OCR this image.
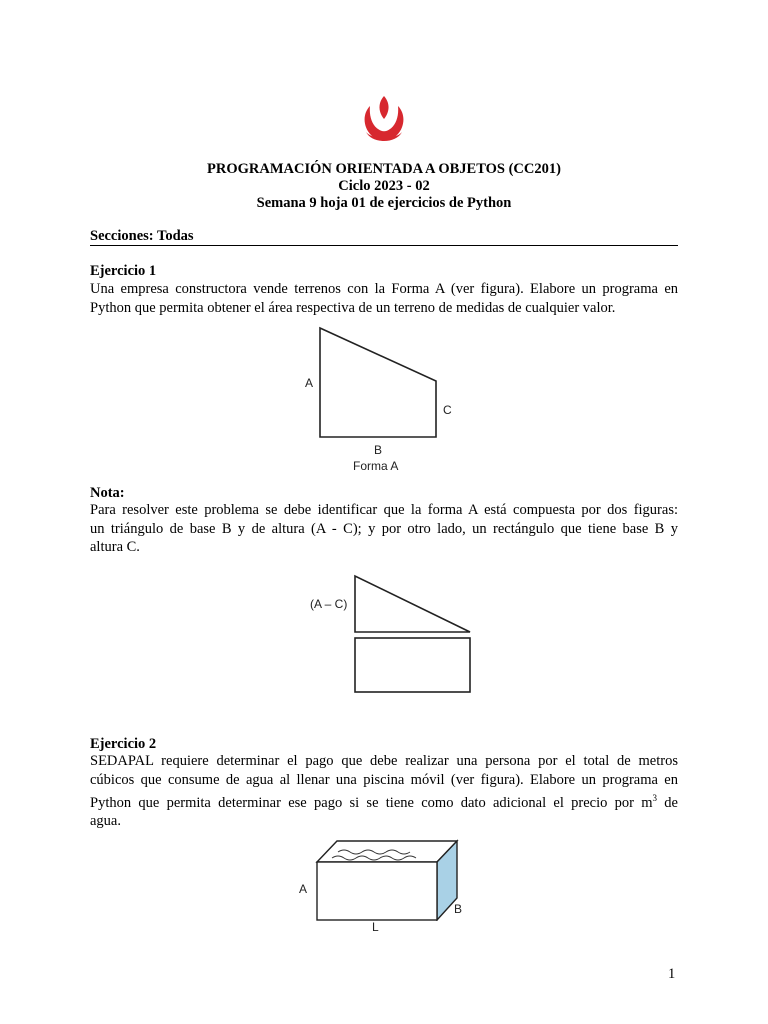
PROGRAMACIÓN ORIENTADA A OBJETOS (CC201)
Ciclo 2023 - 02
Semana 9 hoja 01 de ejercicios de Python
Secciones: Todas
Ejercicio 1
Una empresa constructora vende terrenos con la Forma A (ver figura). Elabore un programa en
Python que permita obtener el área respectiva de un terreno de medidas de cualquier valor.
A
C
B
Forma A
Nota:
Para resolver este problema se debe identificar que la forma A está compuesta por dos figuras:
un triángulo de base B y de altura (A - C); y por otro lado, un rectángulo que tiene base B y
altura C.
(A – C)
Ejercicio 2
SEDAPAL requiere determinar el pago que debe realizar una persona por el total de metros
cúbicos que consume de agua al llenar una piscina móvil (ver figura). Elabore un programa en
Python que permita determinar ese pago si se tiene como dato adicional el precio por $m^3$ de
agua.
A
B
L
1
